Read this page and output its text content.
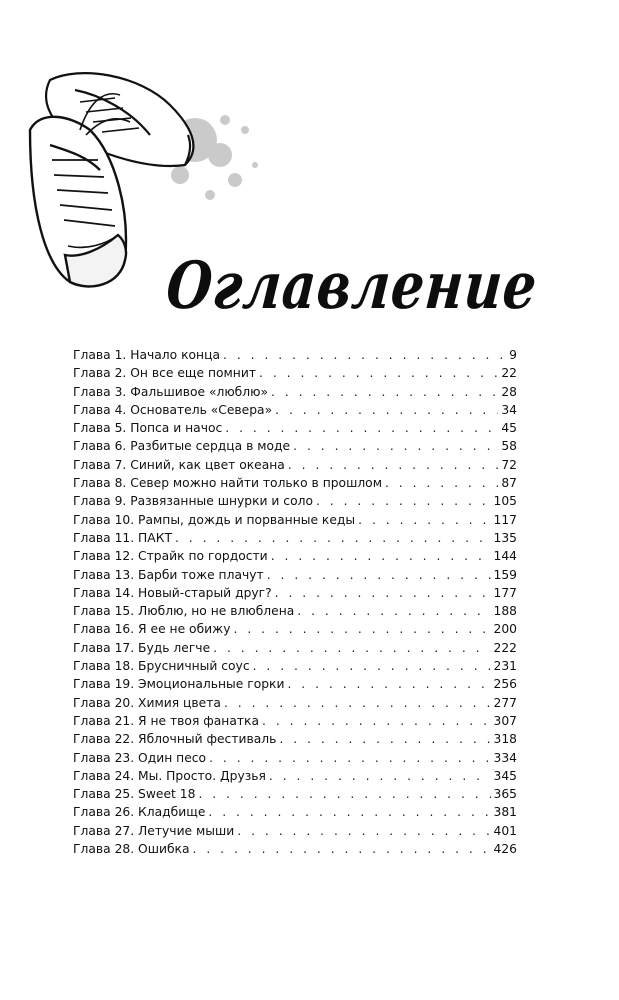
Оглавление
Глава 1. Начало конца . . .	9
Глава 2. Он все еще помнит . . .	22
Глава 3. Фальшивое «люблю» . . .	28
Глава 4. Основатель «Севера» . . .	34
Глава 5. Попса и начос . . .	45
Глава 6. Разбитые сердца в моде . . .	58
Глава 7. Синий, как цвет океана . . .	72
Глава 8. Север можно найти только в прошлом . . .	87
Глава 9. Развязанные шнурки и соло . . .	105
Глава 10. Рампы, дождь и порванные кеды . . .	117
Глава 11. ПАКТ . . .	135
Глава 12. Страйк по гордости . . .	144
Глава 13. Барби тоже плачут . . .	159
Глава 14. Новый-старый друг? . . .	177
Глава 15. Люблю, но не влюблена . . .	188
Глава 16. Я ее не обижу . . .	200
Глава 17. Будь легче . . .	222
Глава 18. Брусничный соус . . .	231
Глава 19. Эмоциональные горки . . .	256
Глава 20. Химия цвета . . .	277
Глава 21. Я не твоя фанатка . . .	307
Глава 22. Яблочный фестиваль . . .	318
Глава 23. Один песо . . .	334
Глава 24. Мы. Просто. Друзья . . .	345
Глава 25. Sweet 18 . . .	365
Глава 26. Кладбище . . .	381
Глава 27. Летучие мыши . . .	401
Глава 28. Ошибка . . .	426
